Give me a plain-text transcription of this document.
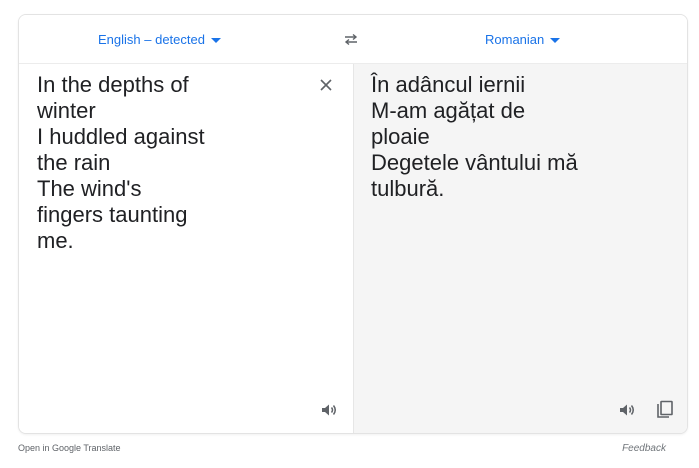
English – detected	Romanian
In the depths of
winter
I huddled against
the rain
The wind's
fingers taunting
me.
În adâncul iernii
M-am agățat de
ploaie
Degetele vântului mă
tulbură.
Open in Google Translate	Feedback
